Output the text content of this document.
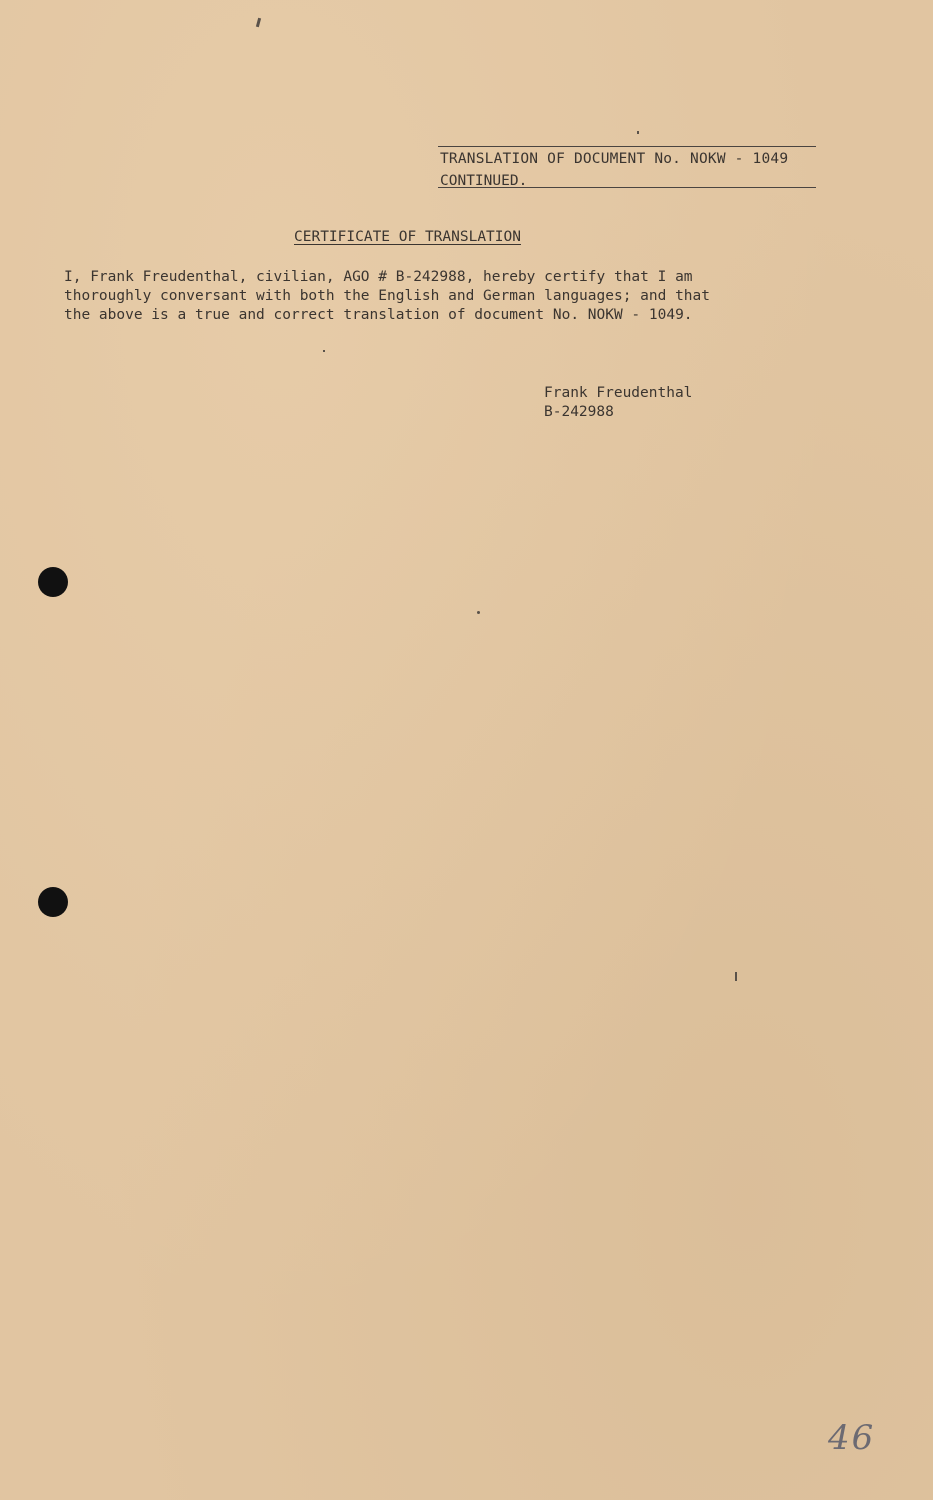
TRANSLATION OF DOCUMENT No. NOKW - 1049
CONTINUED.
CERTIFICATE OF TRANSLATION
I, Frank Freudenthal, civilian, AGO # B-242988, hereby certify that I am
thoroughly conversant with both the English and German languages; and that
the above is a true and correct translation of document No. NOKW - 1049.
Frank Freudenthal
B-242988
46
